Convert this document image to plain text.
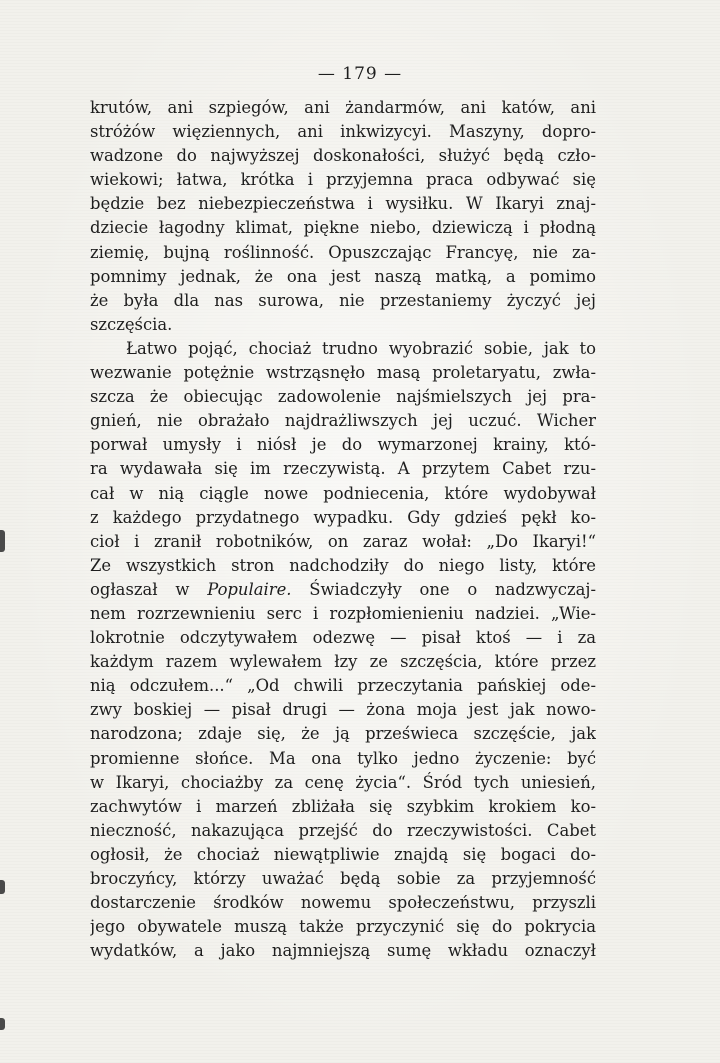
— 179 —
krutów, ani szpiegów, ani żandarmów, ani katów, ani
stróżów więziennych, ani inkwizycyi. Maszyny, dopro-
wadzone do najwyższej doskonałości, służyć będą czło-
wiekowi; łatwa, krótka i przyjemna praca odbywać się
będzie bez niebezpieczeństwa i wysiłku. W Ikaryi znaj-
dziecie łagodny klimat, piękne niebo, dziewiczą i płodną
ziemię, bujną roślinność. Opuszczając Francyę, nie za-
pomnimy jednak, że ona jest naszą matką, a pomimo
że była dla nas surowa, nie przestaniemy życzyć jej
szczęścia.
Łatwo pojąć, chociaż trudno wyobrazić sobie, jak to
wezwanie potężnie wstrząsnęło masą proletaryatu, zwła-
szcza że obiecując zadowolenie najśmielszych jej pra-
gnień, nie obrażało najdrażliwszych jej uczuć. Wicher
porwał umysły i niósł je do wymarzonej krainy, któ-
ra wydawała się im rzeczywistą. A przytem Cabet rzu-
cał w nią ciągle nowe podniecenia, które wydobywał
z każdego przydatnego wypadku. Gdy gdzieś pękł ko-
cioł i zranił robotników, on zaraz wołał: „Do Ikaryi!“
Ze wszystkich stron nadchodziły do niego listy, które
ogłaszał w Populaire. Świadczyły one o nadzwyczaj-
nem rozrzewnieniu serc i rozpłomienieniu nadziei. „Wie-
lokrotnie odczytywałem odezwę — pisał ktoś — i za
każdym razem wylewałem łzy ze szczęścia, które przez
nią odczułem...“ „Od chwili przeczytania pańskiej ode-
zwy boskiej — pisał drugi — żona moja jest jak nowo-
narodzona; zdaje się, że ją prześwieca szczęście, jak
promienne słońce. Ma ona tylko jedno życzenie: być
w Ikaryi, chociażby za cenę życia“. Śród tych uniesień,
zachwytów i marzeń zbliżała się szybkim krokiem ko-
nieczność, nakazująca przejść do rzeczywistości. Cabet
ogłosił, że chociaż niewątpliwie znajdą się bogaci do-
broczyńcy, którzy uważać będą sobie za przyjemność
dostarczenie środków nowemu społeczeństwu, przyszli
jego obywatele muszą także przyczynić się do pokrycia
wydatków, a jako najmniejszą sumę wkładu oznaczył
